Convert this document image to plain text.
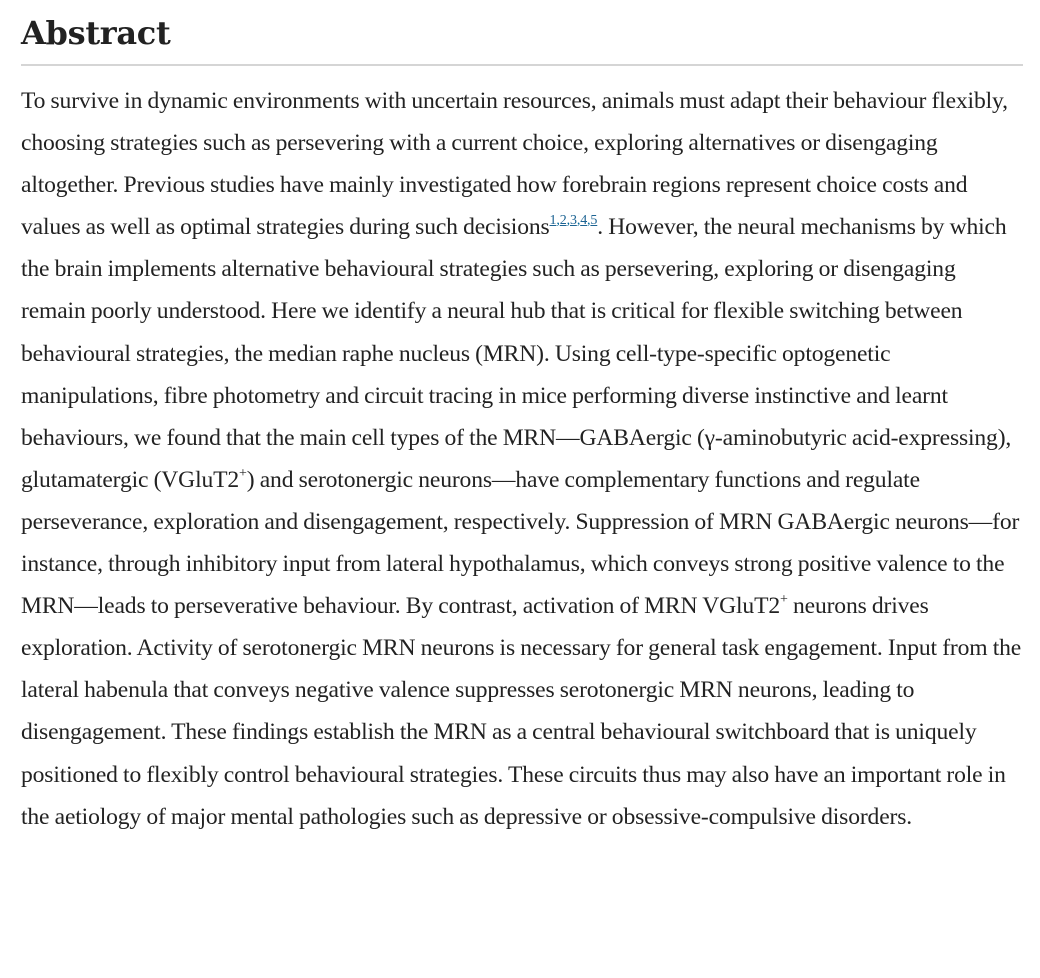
Abstract

To survive in dynamic environments with uncertain resources, animals must adapt their behaviour flexibly, choosing strategies such as persevering with a current choice, exploring alternatives or disengaging altogether. Previous studies have mainly investigated how forebrain regions represent choice costs and values as well as optimal strategies during such decisions$^{1,2,3,4,5}$. However, the neural mechanisms by which the brain implements alternative behavioural strategies such as persevering, exploring or disengaging remain poorly understood. Here we identify a neural hub that is critical for flexible switching between behavioural strategies, the median raphe nucleus (MRN). Using cell-type-specific optogenetic manipulations, fibre photometry and circuit tracing in mice performing diverse instinctive and learnt behaviours, we found that the main cell types of the MRN—GABAergic (γ-aminobutyric acid-expressing), glutamatergic (VGluT2+) and serotonergic neurons—have complementary functions and regulate perseverance, exploration and disengagement, respectively. Suppression of MRN GABAergic neurons—for instance, through inhibitory input from lateral hypothalamus, which conveys strong positive valence to the MRN—leads to perseverative behaviour. By contrast, activation of MRN VGluT2+ neurons drives exploration. Activity of serotonergic MRN neurons is necessary for general task engagement. Input from the lateral habenula that conveys negative valence suppresses serotonergic MRN neurons, leading to disengagement. These findings establish the MRN as a central behavioural switchboard that is uniquely positioned to flexibly control behavioural strategies. These circuits thus may also have an important role in the aetiology of major mental pathologies such as depressive or obsessive-compulsive disorders.
